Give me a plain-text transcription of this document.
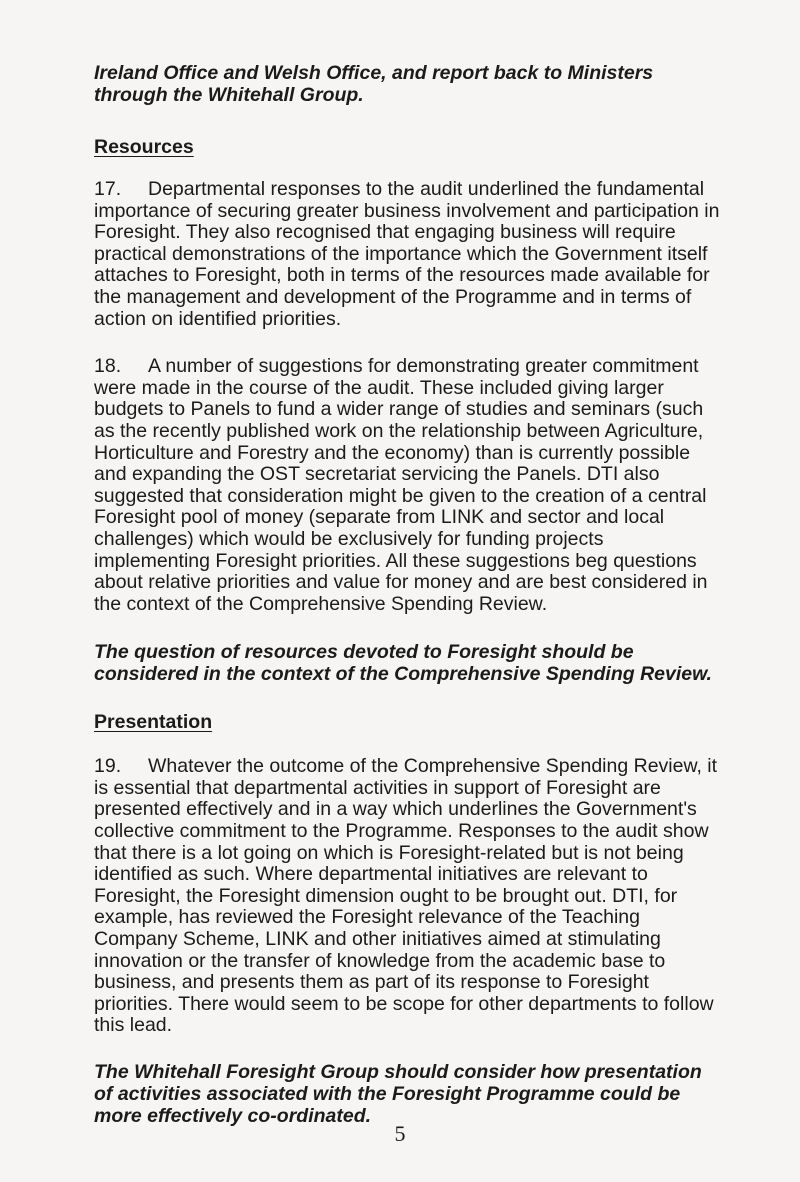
Ireland Office and Welsh Office, and report back to Ministers through the Whitehall Group.

Resources

17. Departmental responses to the audit underlined the fundamental importance of securing greater business involvement and participation in Foresight. They also recognised that engaging business will require practical demonstrations of the importance which the Government itself attaches to Foresight, both in terms of the resources made available for the management and development of the Programme and in terms of action on identified priorities.

18. A number of suggestions for demonstrating greater commitment were made in the course of the audit. These included giving larger budgets to Panels to fund a wider range of studies and seminars (such as the recently published work on the relationship between Agriculture, Horticulture and Forestry and the economy) than is currently possible and expanding the OST secretariat servicing the Panels. DTI also suggested that consideration might be given to the creation of a central Foresight pool of money (separate from LINK and sector and local challenges) which would be exclusively for funding projects implementing Foresight priorities. All these suggestions beg questions about relative priorities and value for money and are best considered in the context of the Comprehensive Spending Review.

The question of resources devoted to Foresight should be considered in the context of the Comprehensive Spending Review.

Presentation

19. Whatever the outcome of the Comprehensive Spending Review, it is essential that departmental activities in support of Foresight are presented effectively and in a way which underlines the Government's collective commitment to the Programme. Responses to the audit show that there is a lot going on which is Foresight-related but is not being identified as such. Where departmental initiatives are relevant to Foresight, the Foresight dimension ought to be brought out. DTI, for example, has reviewed the Foresight relevance of the Teaching Company Scheme, LINK and other initiatives aimed at stimulating innovation or the transfer of knowledge from the academic base to business, and presents them as part of its response to Foresight priorities. There would seem to be scope for other departments to follow this lead.

The Whitehall Foresight Group should consider how presentation of activities associated with the Foresight Programme could be more effectively co-ordinated.

5
